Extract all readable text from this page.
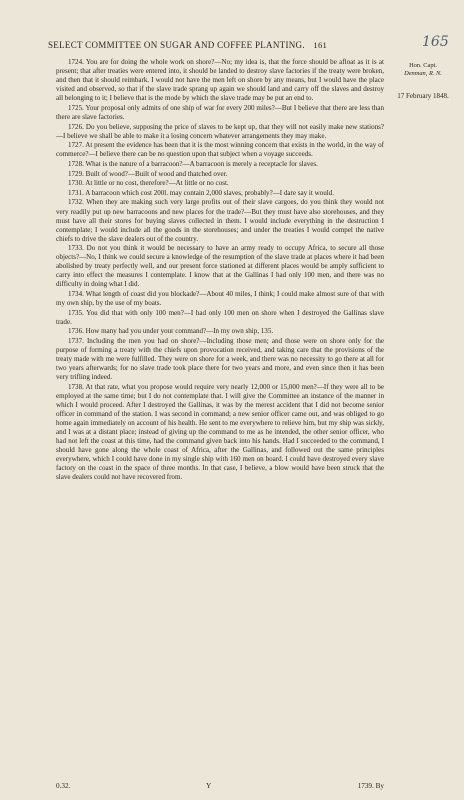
SELECT COMMITTEE ON SUGAR AND COFFEE PLANTING. 161	165
Hon. Capt.
Denman, R. N.
17 February 1848.

1724. You are for doing the whole work on shore?—No; my idea is, that the force should be afloat as it is at present; that after treaties were entered into, it should be landed to destroy slave factories if the treaty were broken, and then that it should reimbark. I would not have the men left on shore by any means, but I would have the place visited and observed, so that if the slave trade sprang up again we should land and carry off the slaves and destroy all belonging to it; I believe that is the mode by which the slave trade may be put an end to.

1725. Your proposal only admits of one ship of war for every 200 miles?—But I believe that there are less than there are slave factories.

1726. Do you believe, supposing the price of slaves to be kept up, that they will not easily make new stations?—I believe we shall be able to make it a losing concern whatever arrangements they may make.

1727. At present the evidence has been that it is the most winning concern that exists in the world, in the way of commerce?—I believe there can be no question upon that subject when a voyage succeeds.

1728. What is the nature of a barracoon?—A barracoon is merely a receptacle for slaves.

1729. Built of wood?—Built of wood and thatched over.

1730. At little or no cost, therefore?—At little or no cost.

1731. A barracoon which cost 200l. may contain 2,000 slaves, probably?—I dare say it would.

1732. When they are making such very large profits out of their slave cargoes, do you think they would not very readily put up new barracoons and new places for the trade?—But they must have also storehouses, and they must have all their stores for buying slaves collected in them. I would include everything in the destruction I contemplate; I would include all the goods in the storehouses; and under the treaties I would compel the native chiefs to drive the slave dealers out of the country.

1733. Do not you think it would be necessary to have an army ready to occupy Africa, to secure all those objects?—No, I think we could secure a knowledge of the resumption of the slave trade at places where it had been abolished by treaty perfectly well, and our present force stationed at different places would be amply sufficient to carry into effect the measures I contemplate. I know that at the Gallinas I had only 100 men, and there was no difficulty in doing what I did.

1734. What length of coast did you blockade?—About 40 miles, I think; I could make almost sure of that with my own ship, by the use of my boats.

1735. You did that with only 100 men?—I had only 100 men on shore when I destroyed the Gallinas slave trade.

1736. How many had you under your command?—In my own ship, 135.

1737. Including the men you had on shore?—Including those men; and those were on shore only for the purpose of forming a treaty with the chiefs upon provocation received, and taking care that the provisions of the treaty made with me were fulfilled. They were on shore for a week, and there was no necessity to go there at all for two years afterwards; for no slave trade took place there for two years and more, and even since then it has been very trifling indeed.

1738. At that rate, what you propose would require very nearly 12,000 or 15,000 men?—If they were all to be employed at the same time; but I do not contemplate that. I will give the Committee an instance of the manner in which I would proceed. After I destroyed the Gallinas, it was by the merest accident that I did not become senior officer in command of the station. I was second in command; a new senior officer came out, and was obliged to go home again immediately on account of his health. He sent to me everywhere to relieve him, but my ship was sickly, and I was at a distant place; instead of giving up the command to me as he intended, the other senior officer, who had not left the coast at this time, had the command given back into his hands. Had I succeeded to the command, I should have gone along the whole coast of Africa, after the Gallinas, and followed out the same principles everywhere, which I could have done in my single ship with 160 men on board. I could have destroyed every slave factory on the coast in the space of three months. In that case, I believe, a blow would have been struck that the slave dealers could not have recovered from.

0.32.	Y	1739. By
